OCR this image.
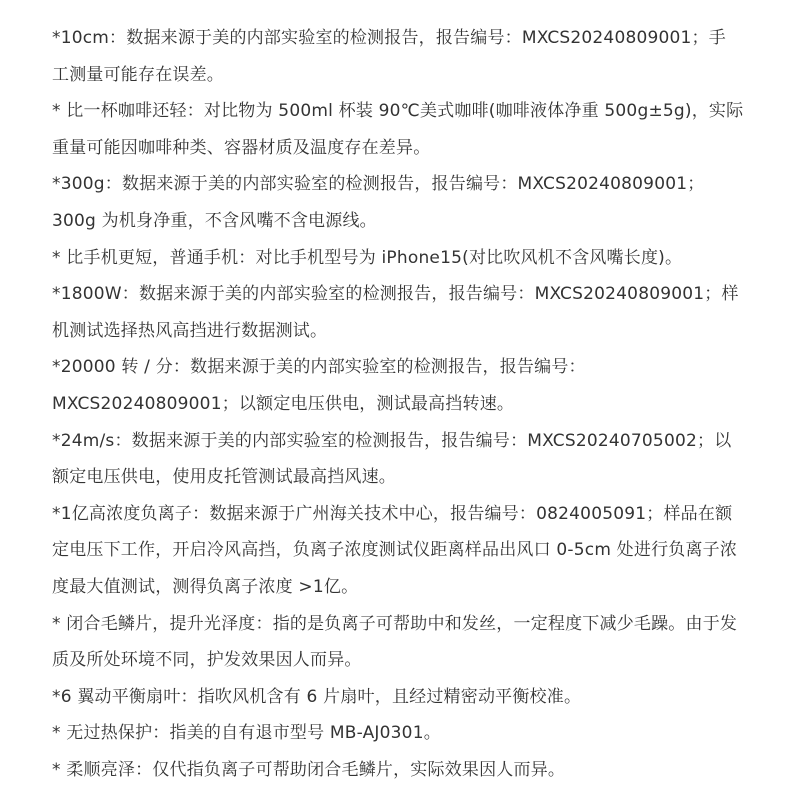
*10cm：数据来源于美的内部实验室的检测报告，报告编号：MXCS20240809001；手
工测量可能存在误差。
* 比一杯咖啡还轻：对比物为 500ml 杯装 90℃美式咖啡(咖啡液体净重 500g±5g)，实际
重量可能因咖啡种类、容器材质及温度存在差异。
*300g：数据来源于美的内部实验室的检测报告，报告编号：MXCS20240809001；
300g 为机身净重，不含风嘴不含电源线。
* 比手机更短，普通手机：对比手机型号为 iPhone15(对比吹风机不含风嘴长度)。
*1800W：数据来源于美的内部实验室的检测报告，报告编号：MXCS20240809001；样
机测试选择热风高挡进行数据测试。
*20000 转 / 分：数据来源于美的内部实验室的检测报告，报告编号：
MXCS20240809001；以额定电压供电，测试最高挡转速。
*24m/s：数据来源于美的内部实验室的检测报告，报告编号：MXCS20240705002；以
额定电压供电，使用皮托管测试最高挡风速。
*1亿高浓度负离子：数据来源于广州海关技术中心，报告编号：0824005091；样品在额
定电压下工作，开启冷风高挡，负离子浓度测试仪距离样品出风口 0-5cm 处进行负离子浓
度最大值测试，测得负离子浓度 >1亿。
* 闭合毛鳞片，提升光泽度：指的是负离子可帮助中和发丝，一定程度下减少毛躁。由于发
质及所处环境不同，护发效果因人而异。
*6 翼动平衡扇叶：指吹风机含有 6 片扇叶，且经过精密动平衡校准。
* 无过热保护：指美的自有退市型号 MB-AJ0301。
* 柔顺亮泽：仅代指负离子可帮助闭合毛鳞片，实际效果因人而异。
